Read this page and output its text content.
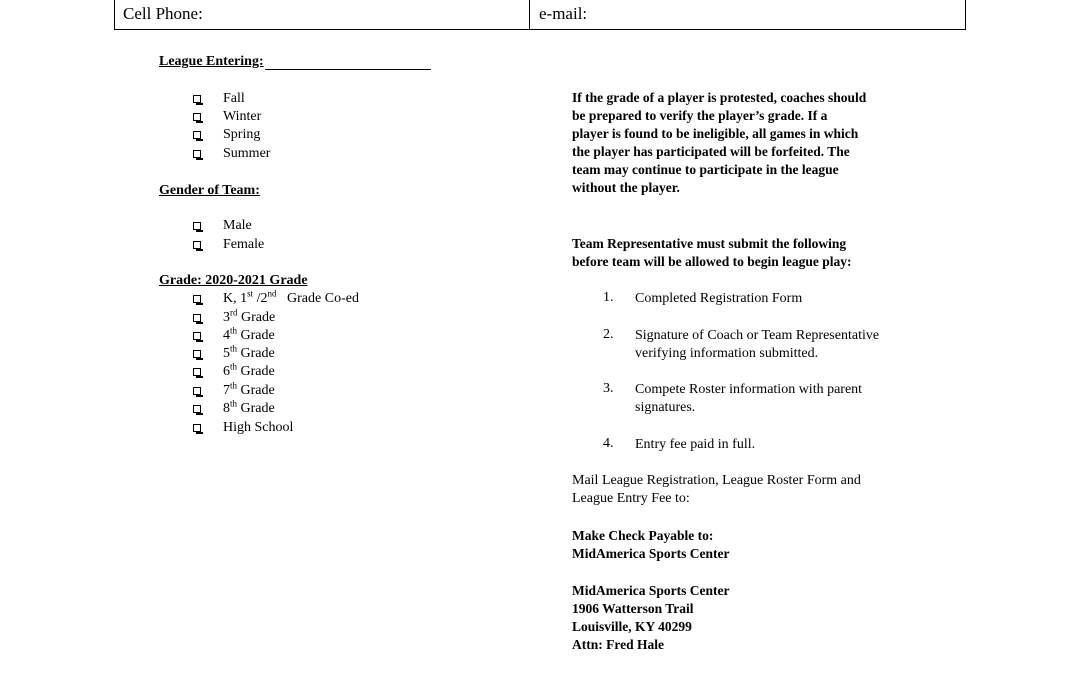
Cell Phone:	e-mail:
League Entering:
Fall
Winter
Spring
Summer
Gender of Team:
Male
Female
Grade: 2020-2021 Grade
K, 1st /2nd   Grade Co-ed
3rd Grade
4th Grade
5th Grade
6th Grade
7th Grade
8th Grade
High School
If the grade of a player is protested, coaches should
be prepared to verify the player’s grade. If a
player is found to be ineligible, all games in which
the player has participated will be forfeited. The
team may continue to participate in the league
without the player.
Team Representative must submit the following
before team will be allowed to begin league play:
1. Completed Registration Form
2. Signature of Coach or Team Representative
verifying information submitted.
3. Compete Roster information with parent
signatures.
4. Entry fee paid in full.
Mail League Registration, League Roster Form and
League Entry Fee to:
Make Check Payable to:
MidAmerica Sports Center
MidAmerica Sports Center
1906 Watterson Trail
Louisville, KY 40299
Attn: Fred Hale
